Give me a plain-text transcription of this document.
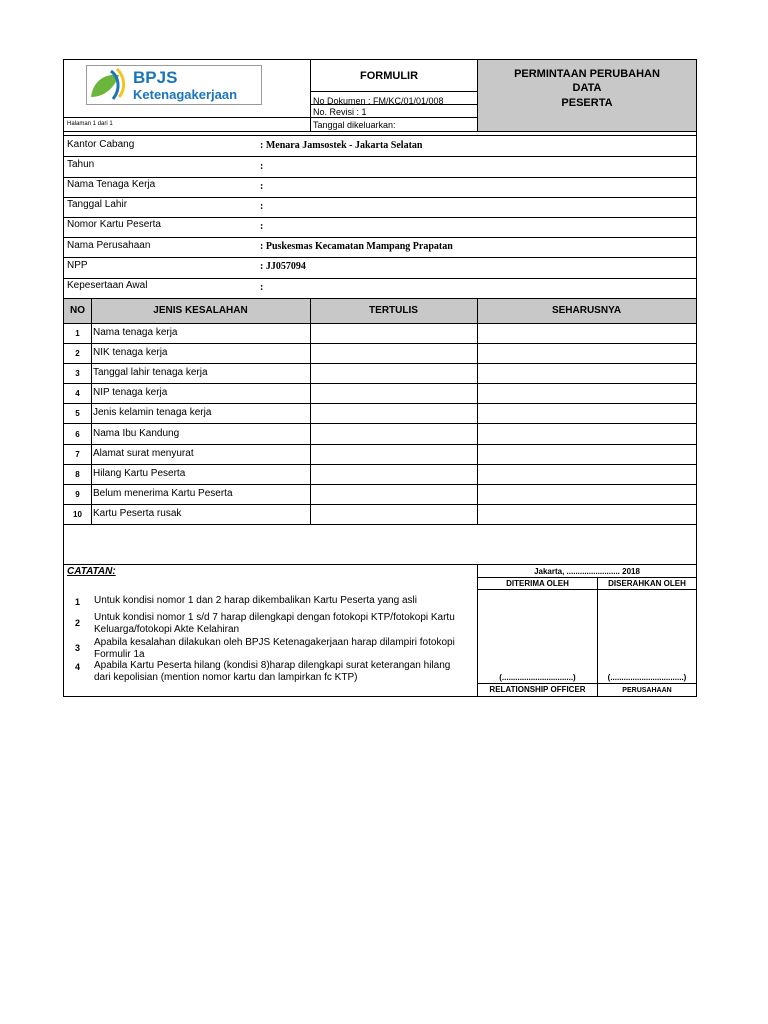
BPJS
Ketenagakerjaan
FORMULIR
No Dokumen : FM/KC/01/01/008
No. Revisi : 1
Tanggal dikeluarkan:
Halaman 1 dari 1
PERMINTAAN PERUBAHAN
DATA
PESERTA
Kantor Cabang	: Menara Jamsostek - Jakarta Selatan
Tahun	:
Nama Tenaga Kerja	:
Tanggal Lahir	:
Nomor Kartu Peserta	:
Nama Perusahaan	: Puskesmas Kecamatan Mampang Prapatan
NPP	: JJ057094
Kepesertaan Awal	:
NO	JENIS KESALAHAN	TERTULIS	SEHARUSNYA
1	Nama tenaga kerja
2	NIK tenaga kerja
3	Tanggal lahir tenaga kerja
4	NIP tenaga kerja
5	Jenis kelamin tenaga kerja
6	Nama Ibu Kandung
7	Alamat surat menyurat
8	Hilang Kartu Peserta
9	Belum menerima Kartu Peserta
10	Kartu Peserta rusak
CATATAN:
1 Untuk kondisi nomor 1 dan 2 harap dikembalikan Kartu Peserta yang asli
2 Untuk kondisi nomor 1 s/d 7 harap dilengkapi dengan fotokopi KTP/fotokopi Kartu
Keluarga/fotokopi Akte Kelahiran
3 Apabila kesalahan dilakukan oleh BPJS Ketenagakerjaan harap dilampiri fotokopi
Formulir 1a
4 Apabila Kartu Peserta hilang (kondisi 8)harap dilengkapi surat keterangan hilang
dari kepolisian (mention nomor kartu dan lampirkan fc KTP)
Jakarta, ........................ 2018
DITERIMA OLEH	DISERAHKAN OLEH
(................................)	(.................................)
RELATIONSHIP OFFICER	PERUSAHAAN
